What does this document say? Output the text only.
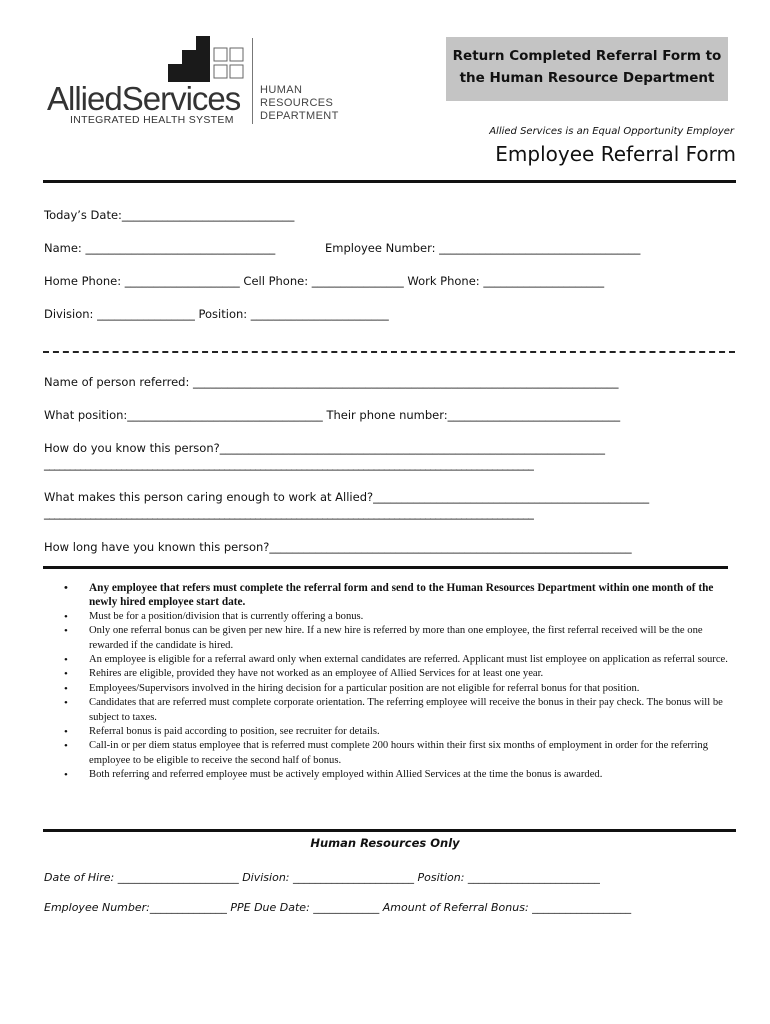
AlliedServices
INTEGRATED HEALTH SYSTEM
HUMAN
RESOURCES
DEPARTMENT
Return Completed Referral Form to
the Human Resource Department
Allied Services is an Equal Opportunity Employer
Employee Referral Form
Today’s Date:______________________________
Name: _________________________________	Employee Number: ___________________________________
Home Phone: ____________________ Cell Phone: ________________ Work Phone: _____________________
Division: _________________ Position: ________________________
Name of person referred: __________________________________________________________________________
What position:__________________________________ Their phone number:______________________________
How do you know this person?___________________________________________________________________
_______________________________________________________________________________________________
What makes this person caring enough to work at Allied?________________________________________________
_______________________________________________________________________________________________
How long have you known this person?_______________________________________________________________
• Any employee that refers must complete the referral form and send to the Human Resources Department within one month of the newly hired employee start date.
• Must be for a position/division that is currently offering a bonus.
• Only one referral bonus can be given per new hire. If a new hire is referred by more than one employee, the first referral received will be the one rewarded if the candidate is hired.
• An employee is eligible for a referral award only when external candidates are referred. Applicant must list employee on application as referral source.
• Rehires are eligible, provided they have not worked as an employee of Allied Services for at least one year.
• Employees/Supervisors involved in the hiring decision for a particular position are not eligible for referral bonus for that position.
• Candidates that are referred must complete corporate orientation. The referring employee will receive the bonus in their pay check. The bonus will be subject to taxes.
• Referral bonus is paid according to position, see recruiter for details.
• Call-in or per diem status employee that is referred must complete 200 hours within their first six months of employment in order for the referring employee to be eligible to receive the second half of bonus.
• Both referring and referred employee must be actively employed within Allied Services at the time the bonus is awarded.
Human Resources Only
Date of Hire: ______________________ Division: ______________________ Position: ________________________
Employee Number:______________ PPE Due Date: ____________ Amount of Referral Bonus: __________________
